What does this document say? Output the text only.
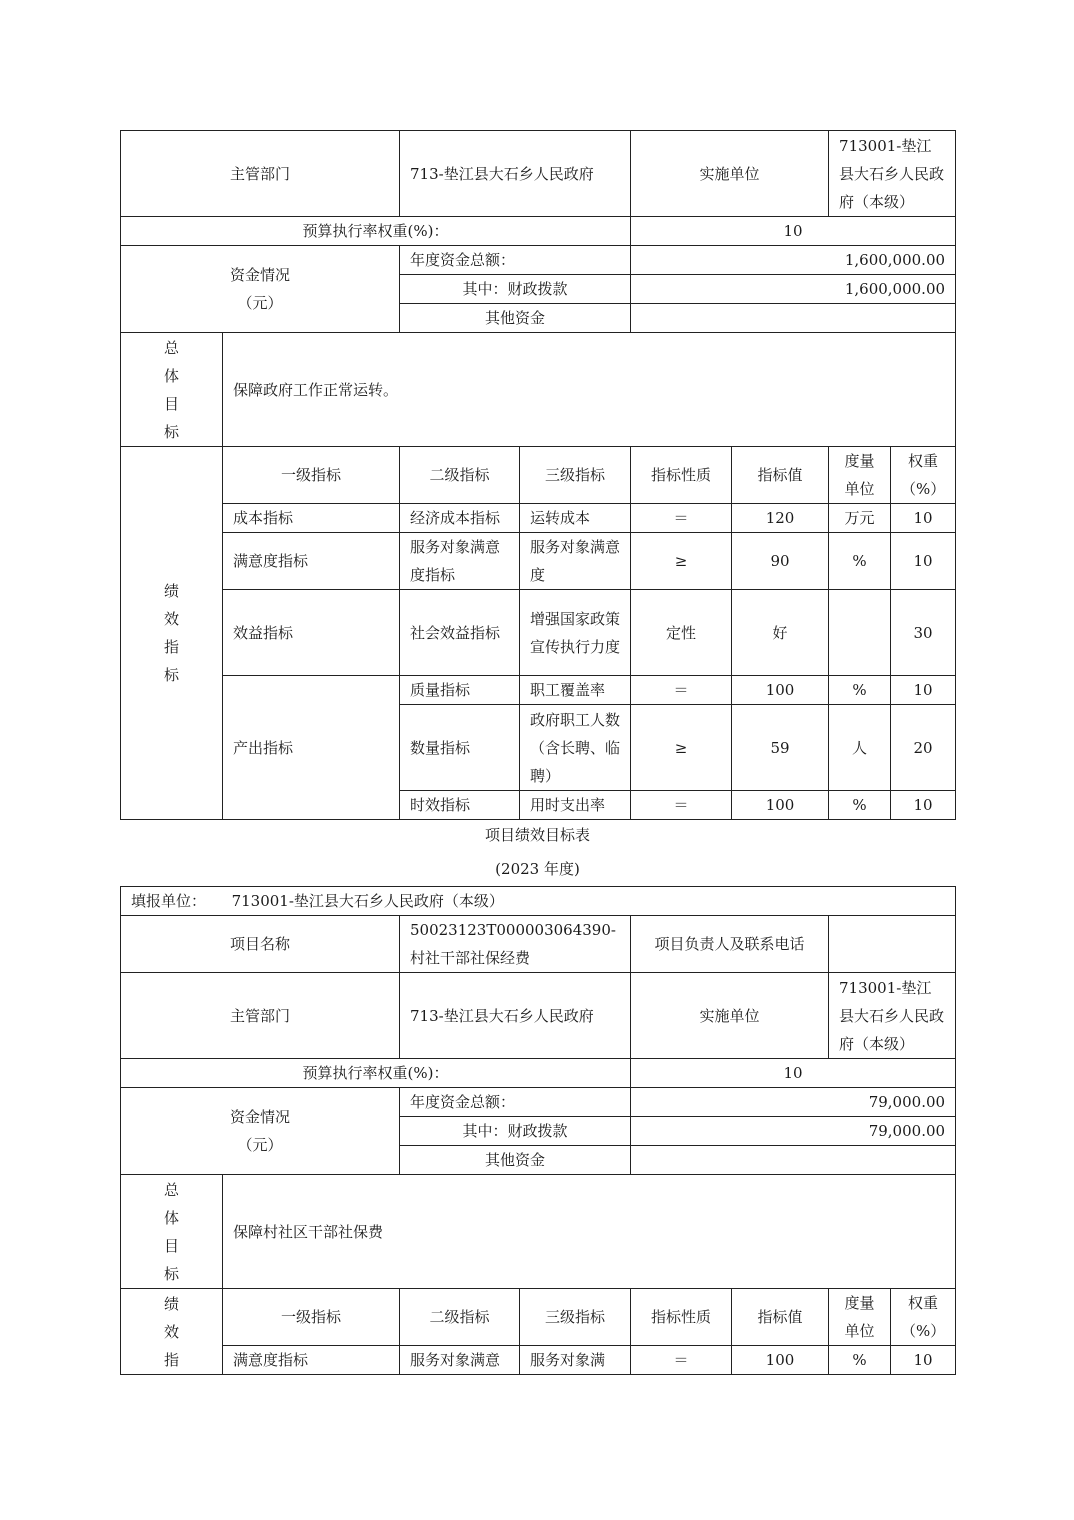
主管部门		713-垫江县大石乡人民政府		实施单位		713001-垫江县大石乡人民政府（本级）	
预算执行率权重(%)：				10			

资金情况
（元）		年度资金总额：		1,600,000.00			
		其中：财政拨款		1,600,000.00			
		其他资金					

总
体
目
标	保障政府工作正常运转。						

绩
效
指
标	一级指标	二级指标	三级指标	指标性质	指标值	度量单位	权重（%）
	成本指标	经济成本指标	运转成本	＝	120	万元	10
	满意度指标	服务对象满意度指标	服务对象满意度	≥	90	%	10
	效益指标	社会效益指标	增强国家政策宣传执行力度	定性	好		30
	产出指标	质量指标	职工覆盖率	＝	100	%	10
		数量指标	政府职工人数（含长聘、临聘）	≥	59	人	20
		时效指标	用时支出率	＝	100	%	10
项目绩效目标表
(2023 年度)
填报单位： 713001-垫江县大石乡人民政府（本级）							
项目名称		50023123T000003064390-村社干部社保经费		项目负责人及联系电话			
主管部门		713-垫江县大石乡人民政府		实施单位		713001-垫江县大石乡人民政府（本级）	
预算执行率权重(%)：				10			

资金情况
（元）		年度资金总额：		79,000.00			
		其中：财政拨款		79,000.00			
		其他资金					

总
体
目
标	保障村社区干部社保费						

绩
效
指	一级指标	二级指标	三级指标	指标性质	指标值	度量单位	权重（%）
	满意度指标	服务对象满意	服务对象满	＝	100	%	10
